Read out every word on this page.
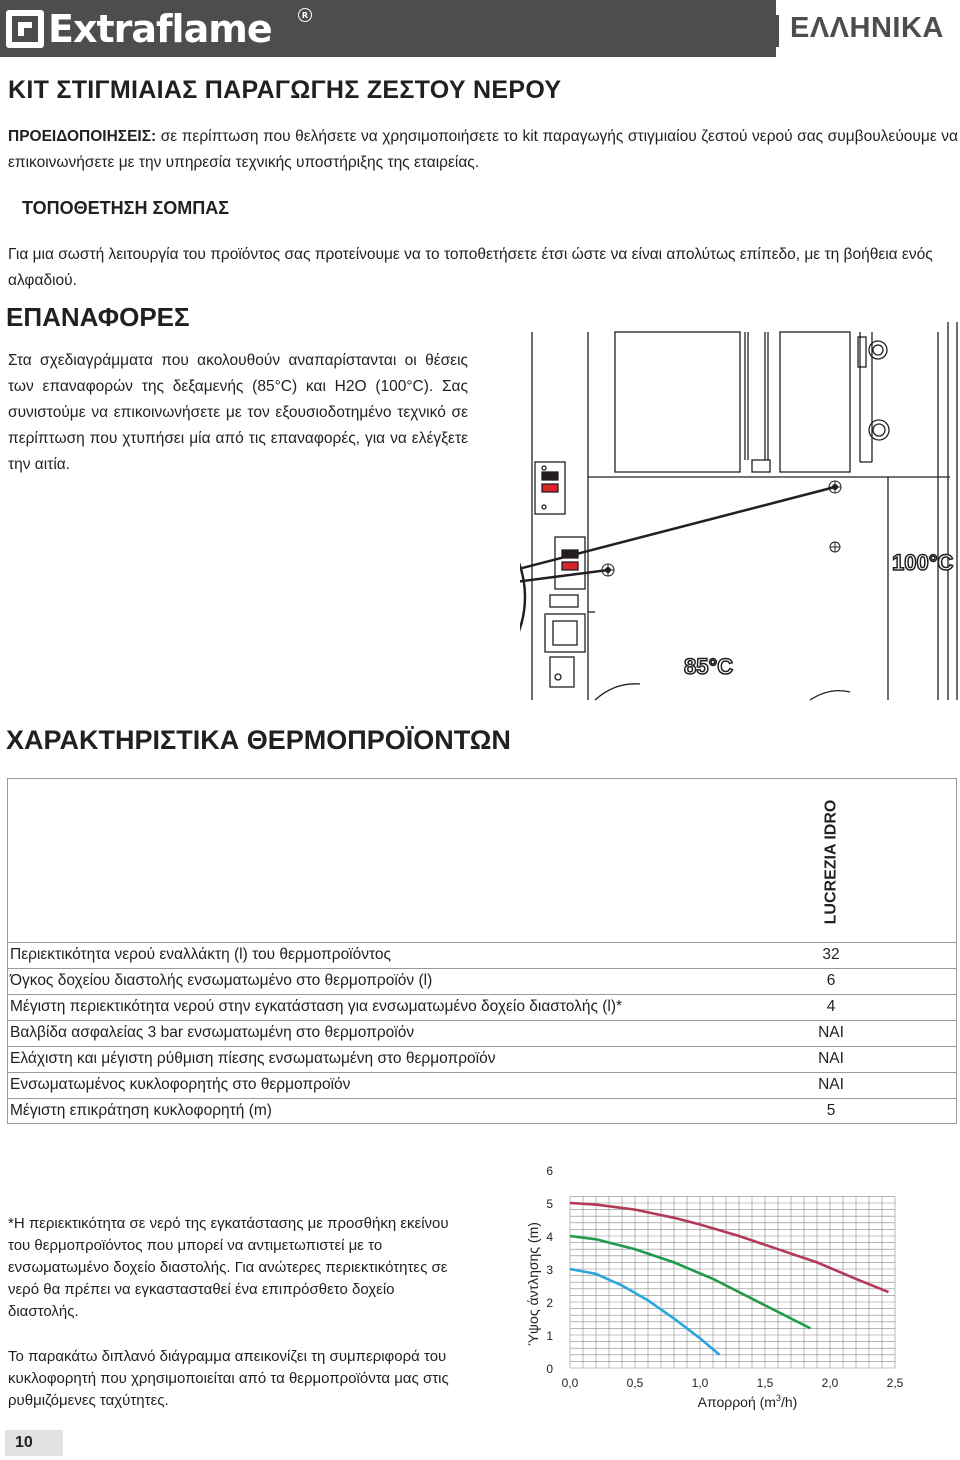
Extraflame	R	ΕΛΛΗΝΙΚΑ
ΚΙΤ ΣΤΙΓΜΙΑΙΑΣ ΠΑΡΑΓΩΓΗΣ ΖΕΣΤΟΥ ΝΕΡΟΥ
ΠΡΟΕΙΔΟΠΟΙΗΣΕΙΣ: σε περίπτωση που θελήσετε να χρησιμοποιήσετε το kit παραγωγής στιγμιαίου ζεστού νερού σας συμβουλεύουμε να επικοινωνήσετε με την υπηρεσία τεχνικής υποστήριξης της εταιρείας.
ΤΟΠΟΘΕΤΗΣΗ ΣΟΜΠΑΣ
Για μια σωστή λειτουργία του προϊόντος σας προτείνουμε να το τοποθετήσετε έτσι ώστε να είναι απολύτως επίπεδο, με τη βοήθεια ενός αλφαδιού.
ΕΠΑΝΑΦΟΡΕΣ
Στα σχεδιαγράμματα που ακολουθούν αναπαρίστανται οι θέσεις των επαναφορών της δεξαμενής (85°C) και H2O (100°C). Σας συνιστούμε να επικοινωνήσετε με τον εξουσιοδοτημένο τεχνικό σε περίπτωση που χτυπήσει μία από τις επαναφορές, για να ελέγξετε την αιτία.
100°C
85°C
ΧΑΡΑΚΤΗΡΙΣΤΙΚΑ ΘΕΡΜΟΠΡΟΪΟΝΤΩΝ
LUCREZIA IDRO
Περιεκτικότητα νερού εναλλάκτη (l) του θερμοπροϊόντος	32
Όγκος δοχείου διαστολής ενσωματωμένο στο θερμοπροϊόν (l)	6
Μέγιστη περιεκτικότητα νερού στην εγκατάσταση για ενσωματωμένο δοχείο διαστολής (l)*	4
Βαλβίδα ασφαλείας 3 bar ενσωματωμένη στο θερμοπροϊόν	ΝΑΙ
Ελάχιστη και μέγιστη ρύθμιση πίεσης ενσωματωμένη στο θερμοπροϊόν	ΝΑΙ
Ενσωματωμένος κυκλοφορητής στο θερμοπροϊόν	ΝΑΙ
Μέγιστη επικράτηση κυκλοφορητή (m)	5
*Η περιεκτικότητα σε νερό της εγκατάστασης με προσθήκη εκείνου του θερμοπροϊόντος που μπορεί να αντιμετωπιστεί με το ενσωματωμένο δοχείο διαστολής. Για ανώτερες περιεκτικότητες σε νερό θα πρέπει να εγκαστασταθεί ένα επιπρόσθετο δοχείο διαστολής.
Το παρακάτω διπλανό διάγραμμα απεικονίζει τη συμπεριφορά του κυκλοφορητή που χρησιμοποιείται από τα θερμοπροϊόντα μας στις ρυθμιζόμενες ταχύτητες.
0
1
2
3
4
5
6
0,0	0,5	1,0	1,5	2,0	2,5
Απορροή $(m^3/h)$
Ύψος άντλησης (m)
10
